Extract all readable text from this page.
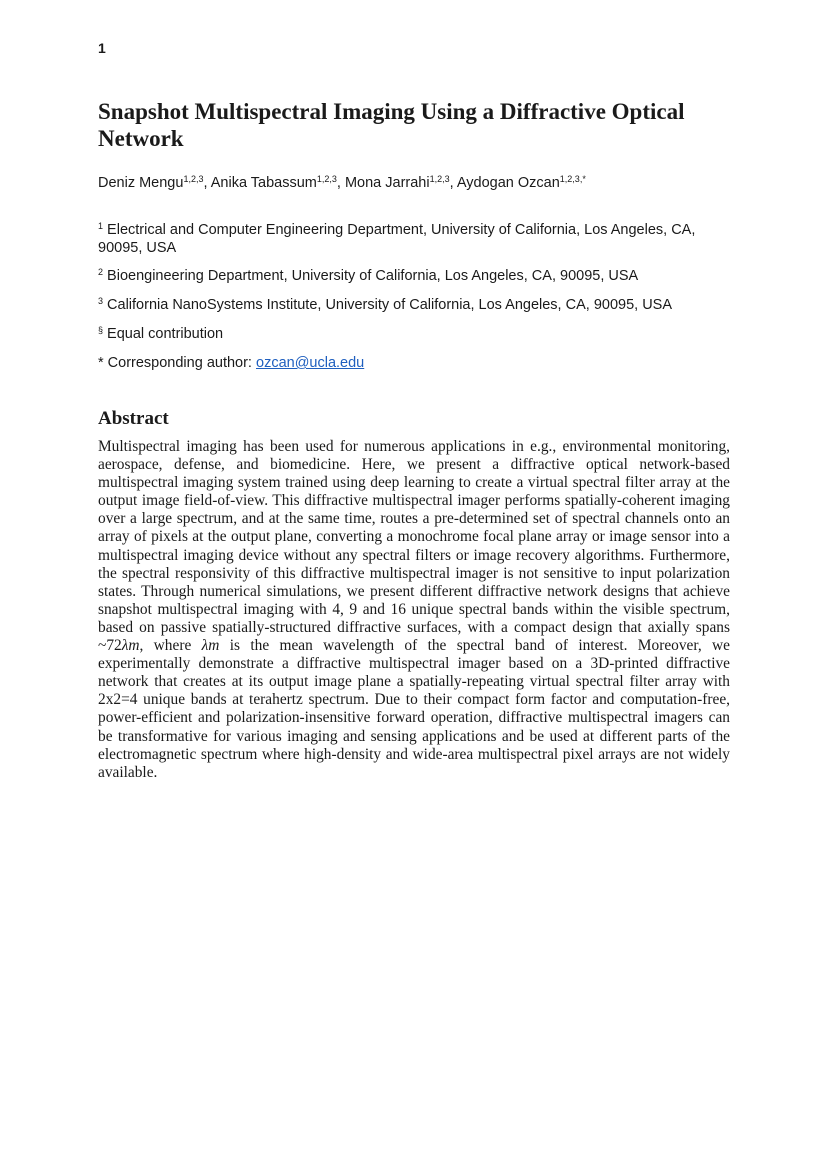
1
Snapshot Multispectral Imaging Using a Diffractive Optical Network
Deniz Mengu$^{1,2,3}$, Anika Tabassum$^{1,2,3}$, Mona Jarrahi$^{1,2,3}$, Aydogan Ozcan$^{1,2,3,*}$
$^1$ Electrical and Computer Engineering Department, University of California, Los Angeles, CA, 90095, USA
$^2$ Bioengineering Department, University of California, Los Angeles, CA, 90095, USA
$^3$ California NanoSystems Institute, University of California, Los Angeles, CA, 90095, USA
§ Equal contribution
* Corresponding author: ozcan@ucla.edu
Abstract

Multispectral imaging has been used for numerous applications in e.g., environmental monitoring, aerospace, defense, and biomedicine. Here, we present a diffractive optical network-based multispectral imaging system trained using deep learning to create a virtual spectral filter array at the output image field-of-view. This diffractive multispectral imager performs spatially-coherent imaging over a large spectrum, and at the same time, routes a pre-determined set of spectral channels onto an array of pixels at the output plane, converting a monochrome focal plane array or image sensor into a multispectral imaging device without any spectral filters or image recovery algorithms. Furthermore, the spectral responsivity of this diffractive multispectral imager is not sensitive to input polarization states. Through numerical simulations, we present different diffractive network designs that achieve snapshot multispectral imaging with 4, 9 and 16 unique spectral bands within the visible spectrum, based on passive spatially-structured diffractive surfaces, with a compact design that axially spans ~72λm, where λm is the mean wavelength of the spectral band of interest. Moreover, we experimentally demonstrate a diffractive multispectral imager based on a 3D-printed diffractive network that creates at its output image plane a spatially-repeating virtual spectral filter array with 2x2=4 unique bands at terahertz spectrum. Due to their compact form factor and computation-free, power-efficient and polarization-insensitive forward operation, diffractive multispectral imagers can be transformative for various imaging and sensing applications and be used at different parts of the electromagnetic spectrum where high-density and wide-area multispectral pixel arrays are not widely available.
